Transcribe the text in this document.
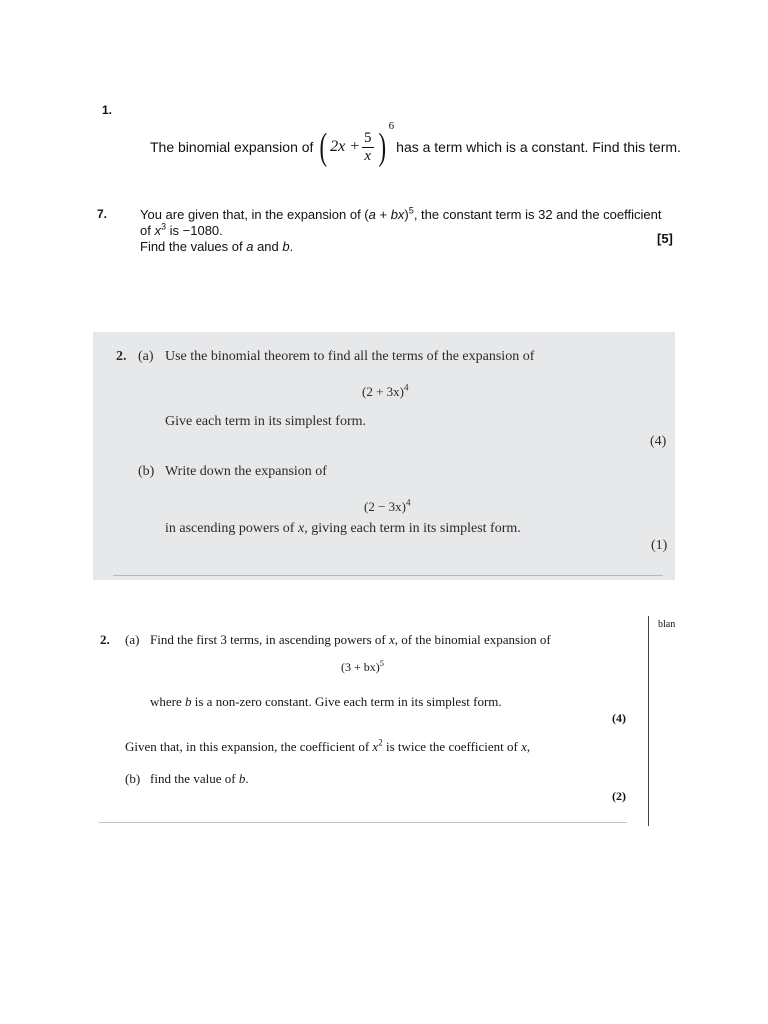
1.
The binomial expansion of ( $2x + \frac{5}{x}$ ) 6
has a term which is a constant. Find this term.
7.	You are given that, in the expansion of (a + bx)$^5$, the constant term is 32 and the coefficient
of $x^3$ is −1080.
Find the values of a and b.
[5]
2. (a) Use the binomial theorem to find all the terms of the expansion of
$(2 + 3x)^4$
Give each term in its simplest form.
(4)
(b) Write down the expansion of
$(2 - 3x)^4$
in ascending powers of x, giving each term in its simplest form.
(1)
2. (a) Find the first 3 terms, in ascending powers of x, of the binomial expansion of
(3 + bx)$^5$
where b is a non-zero constant. Give each term in its simplest form.
(4)
Given that, in this expansion, the coefficient of $x^2$ is twice the coefficient of x,
(b) find the value of b.
(2)
blan
